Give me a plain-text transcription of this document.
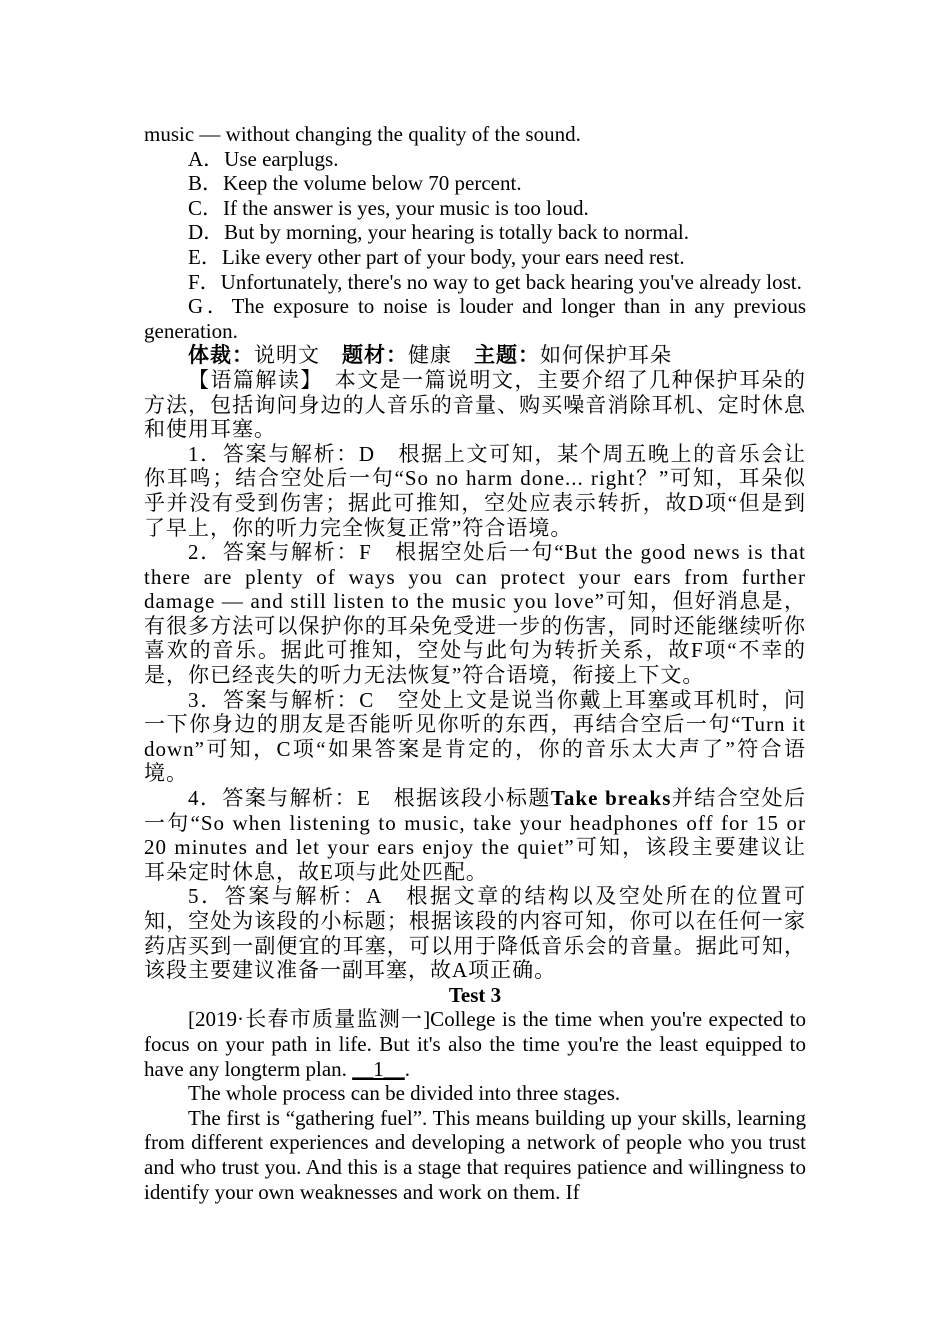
music — without changing the quality of the sound.

A．Use earplugs.

B．Keep the volume below 70 percent.

C．If the answer is yes, your music is too loud.

D．But by morning, your hearing is totally back to normal.

E．Like every other part of your body, your ears need rest.

F．Unfortunately, there's no way to get back hearing you've already lost.

G．The exposure to noise is louder and longer than in any previous generation.

体裁：说明文　 题材：健康　 主题：如何保护耳朵

【语篇解读】　本文是一篇说明文，主要介绍了几种保护耳朵的方法，包括询问身边的人音乐的音量、购买噪音消除耳机、定时休息和使用耳塞。

1．答案与解析：D　根据上文可知，某个周五晚上的音乐会让你耳鸣；结合空处后一句“So no harm done... right？”可知，耳朵似乎并没有受到伤害；据此可推知，空处应表示转折，故D项“但是到了早上，你的听力完全恢复正常”符合语境。

2．答案与解析：F　根据空处后一句“But the good news is that there are plenty of ways you can protect your ears from further damage — and still listen to the music you love”可知，但好消息是，有很多方法可以保护你的耳朵免受进一步的伤害，同时还能继续听你喜欢的音乐。据此可推知，空处与此句为转折关系，故F项“不幸的是，你已经丧失的听力无法恢复”符合语境，衔接上下文。

3．答案与解析：C　空处上文是说当你戴上耳塞或耳机时，问一下你身边的朋友是否能听见你听的东西，再结合空后一句“Turn it down”可知，C项“如果答案是肯定的，你的音乐太大声了”符合语境。

4．答案与解析：E　根据该段小标题Take breaks并结合空处后一句“So when listening to music, take your headphones off for 15 or 20 minutes and let your ears enjoy the quiet”可知，该段主要建议让耳朵定时休息，故E项与此处匹配。

5．答案与解析：A　根据文章的结构以及空处所在的位置可知，空处为该段的小标题；根据该段的内容可知，你可以在任何一家药店买到一副便宜的耳塞，可以用于降低音乐会的音量。据此可知，该段主要建议准备一副耳塞，故A项正确。

Test 3

[2019·长春市质量监测一]College is the time when you're expected to focus on your path in life. But it's also the time you're the least equipped to have any longterm plan. __1__.

The whole process can be divided into three stages.

The first is “gathering fuel”. This means building up your skills, learning from different experiences and developing a network of people who you trust and who trust you. And this is a stage that requires patience and willingness to identify your own weaknesses and work on them. If
